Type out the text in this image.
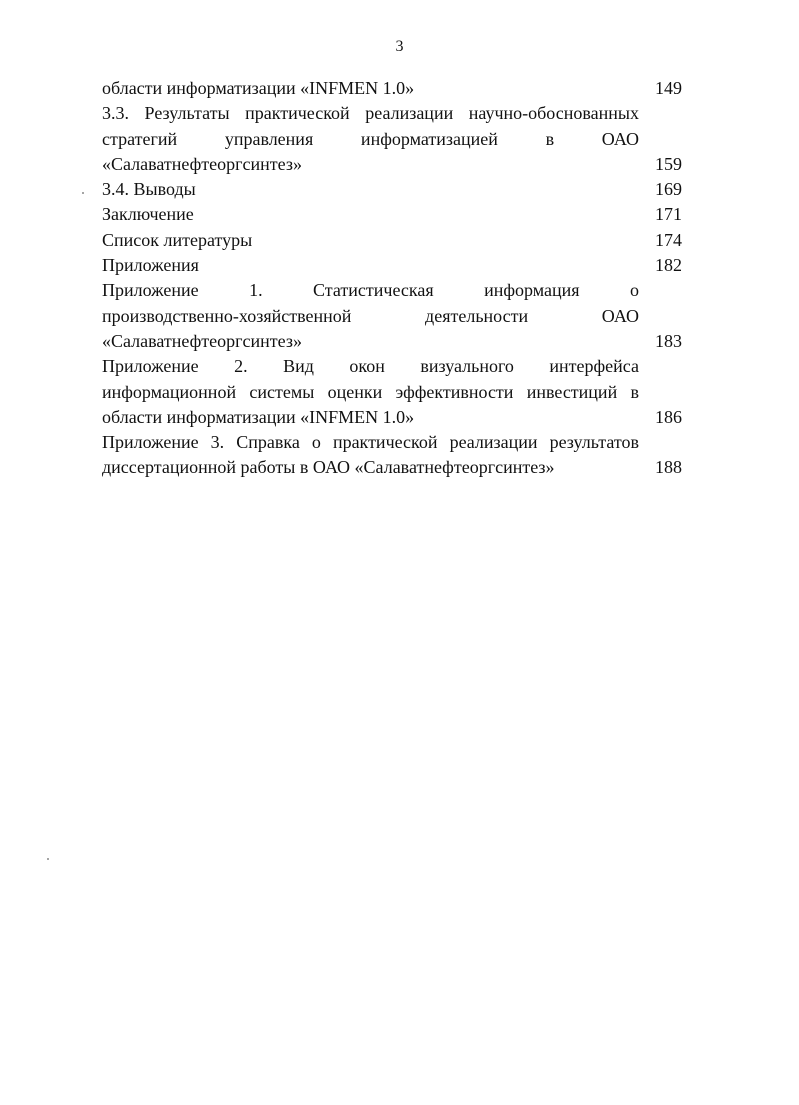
3
области информатизации «INFMEN 1.0»	149
3.3. Результаты практической реализации научно-обоснованных
стратегий управления информатизацией в ОАО
«Салаватнефтеоргсинтез»	159
3.4. Выводы	169
Заключение	171
Список литературы	174
Приложения	182
Приложение 1. Статистическая информация о
производственно-хозяйственной деятельности ОАО
«Салаватнефтеоргсинтез»	183
Приложение 2. Вид окон визуального интерфейса
информационной системы оценки эффективности инвестиций в
области информатизации «INFMEN 1.0»	186
Приложение 3. Справка о практической реализации результатов
диссертационной работы в ОАО «Салаватнефтеоргсинтез»	188
